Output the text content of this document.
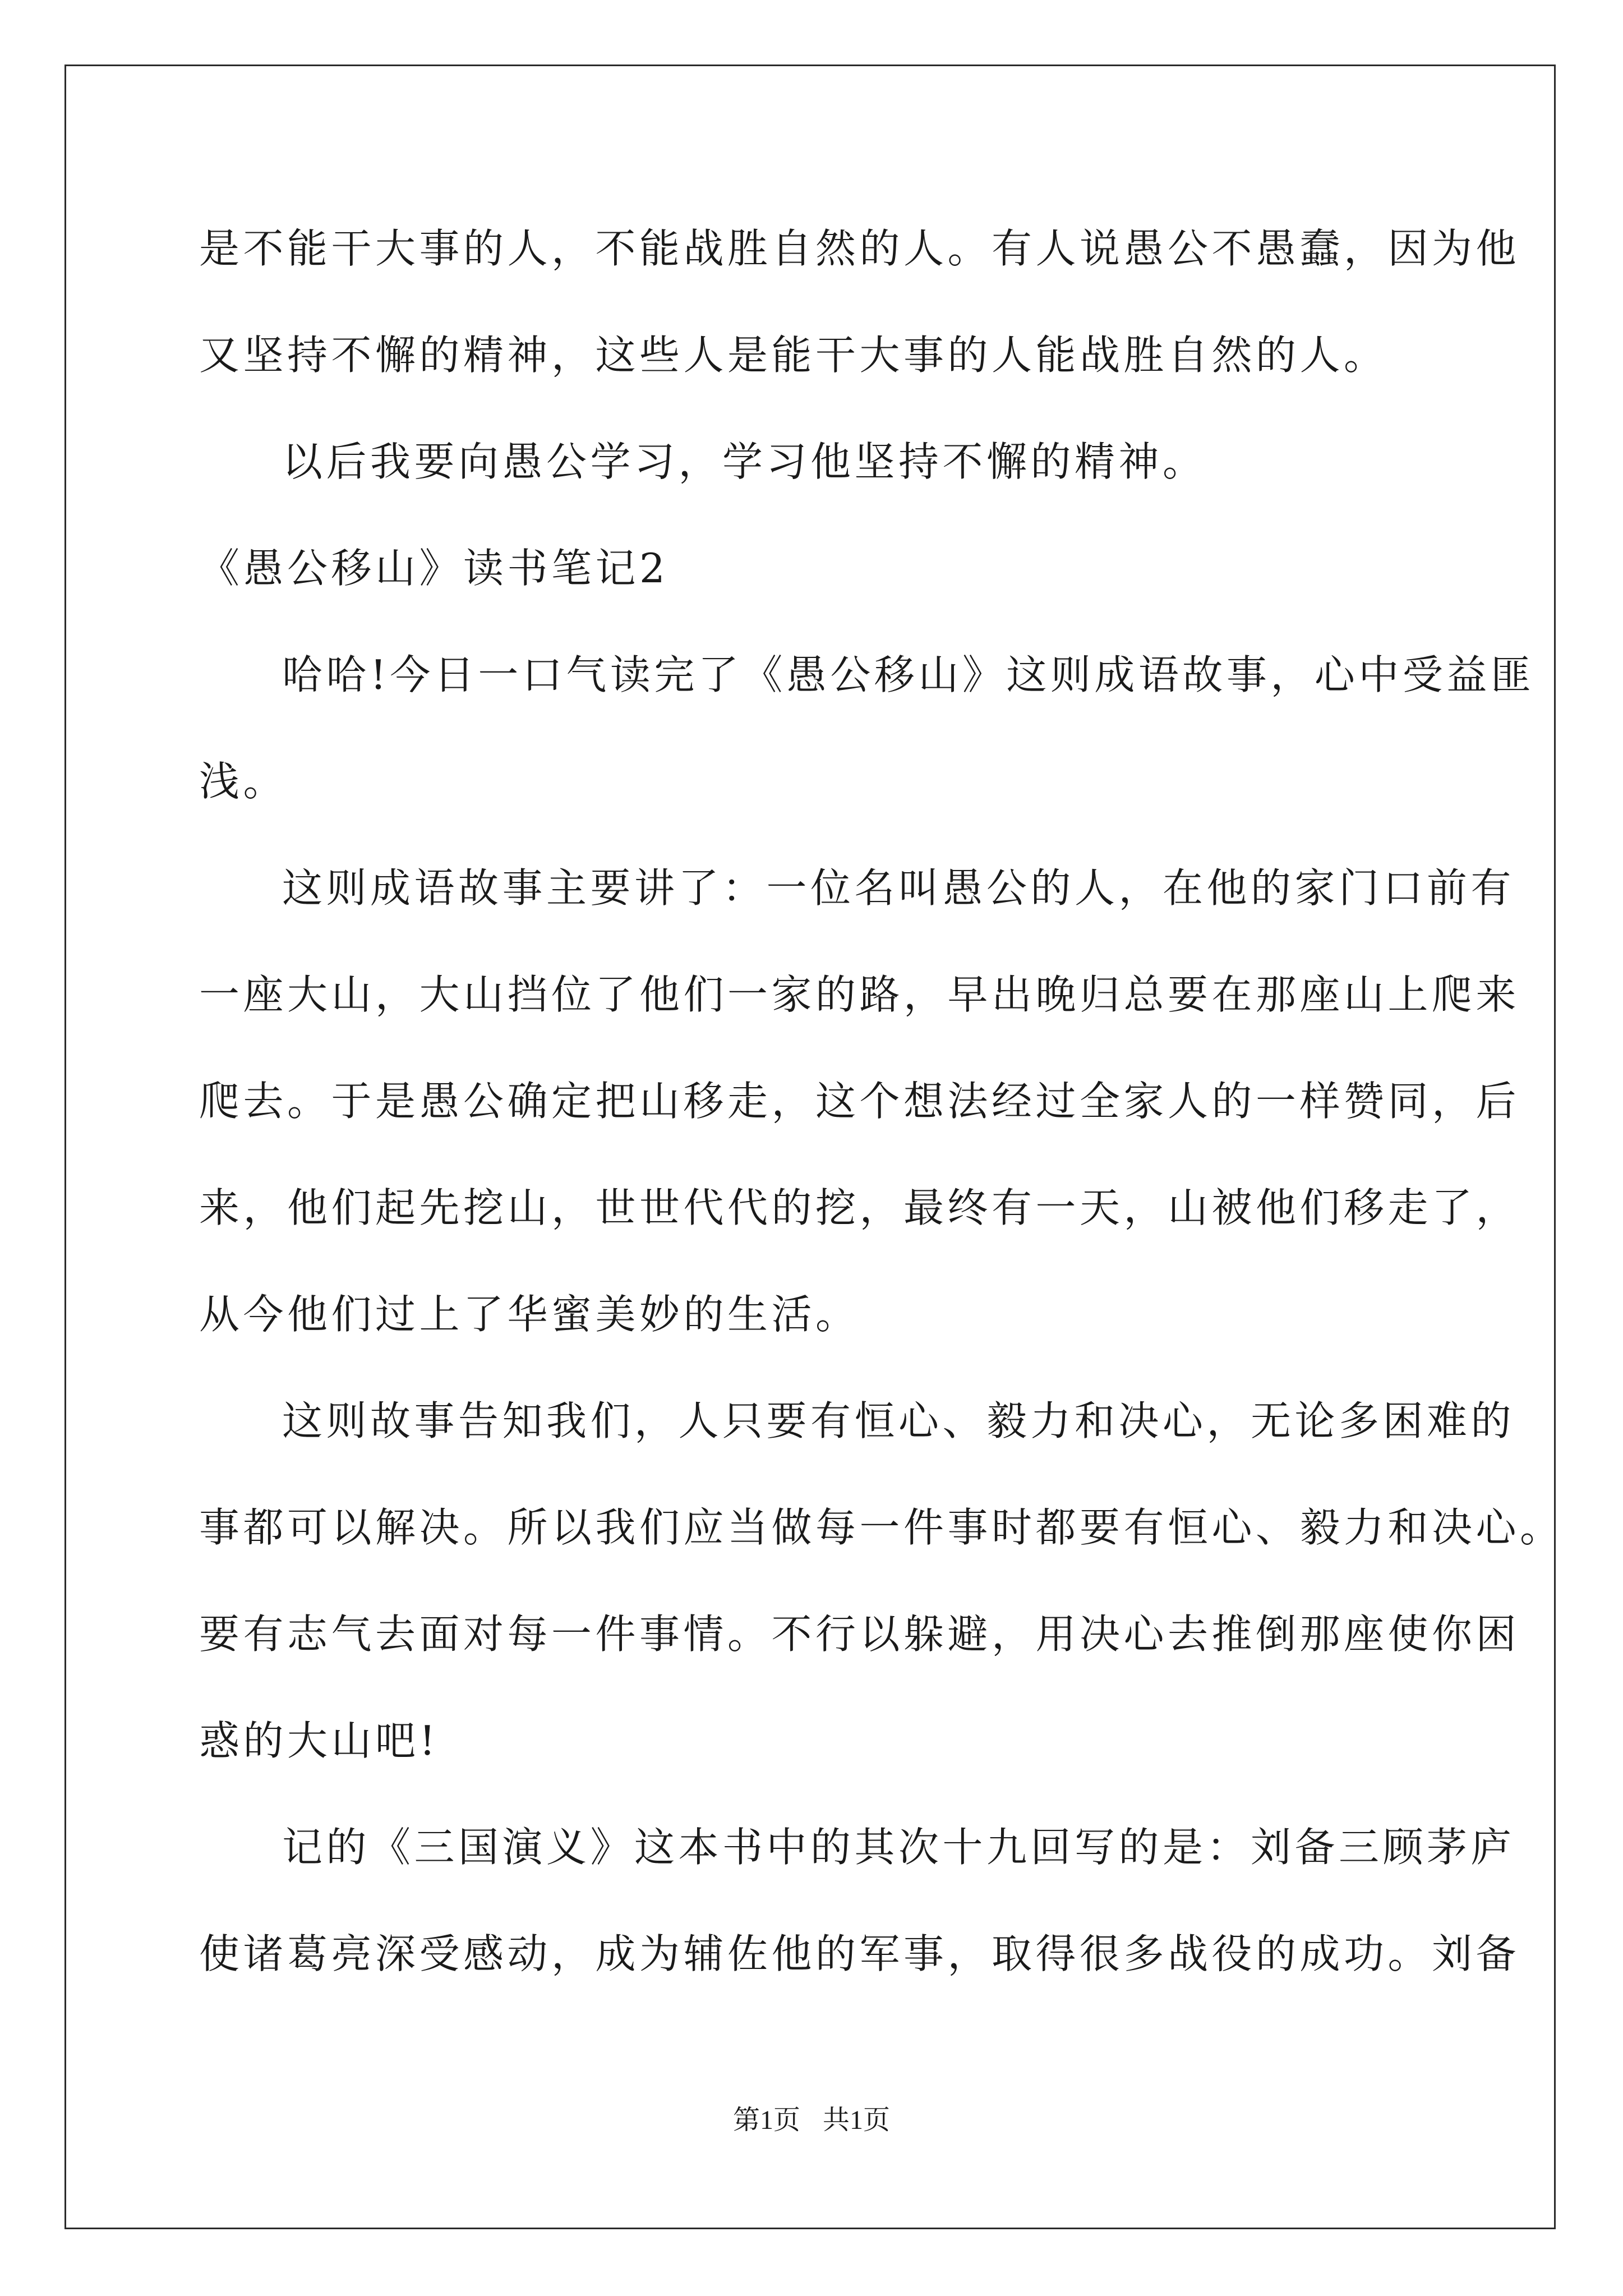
是不能干大事的人，不能战胜自然的人。有人说愚公不愚蠢，因为他
又坚持不懈的精神，这些人是能干大事的人能战胜自然的人。
以后我要向愚公学习，学习他坚持不懈的精神。
《愚公移山》读书笔记2
哈哈!今日一口气读完了《愚公移山》这则成语故事，心中受益匪
浅。
这则成语故事主要讲了：一位名叫愚公的人，在他的家门口前有
一座大山，大山挡位了他们一家的路，早出晚归总要在那座山上爬来
爬去。于是愚公确定把山移走，这个想法经过全家人的一样赞同，后
来，他们起先挖山，世世代代的挖，最终有一天，山被他们移走了，
从今他们过上了华蜜美妙的生活。
这则故事告知我们，人只要有恒心、毅力和决心，无论多困难的
事都可以解决。所以我们应当做每一件事时都要有恒心、毅力和决心。
要有志气去面对每一件事情。不行以躲避，用决心去推倒那座使你困
惑的大山吧!
记的《三国演义》这本书中的其次十九回写的是：刘备三顾茅庐
使诸葛亮深受感动，成为辅佐他的军事，取得很多战役的成功。刘备
第1页 共1页
